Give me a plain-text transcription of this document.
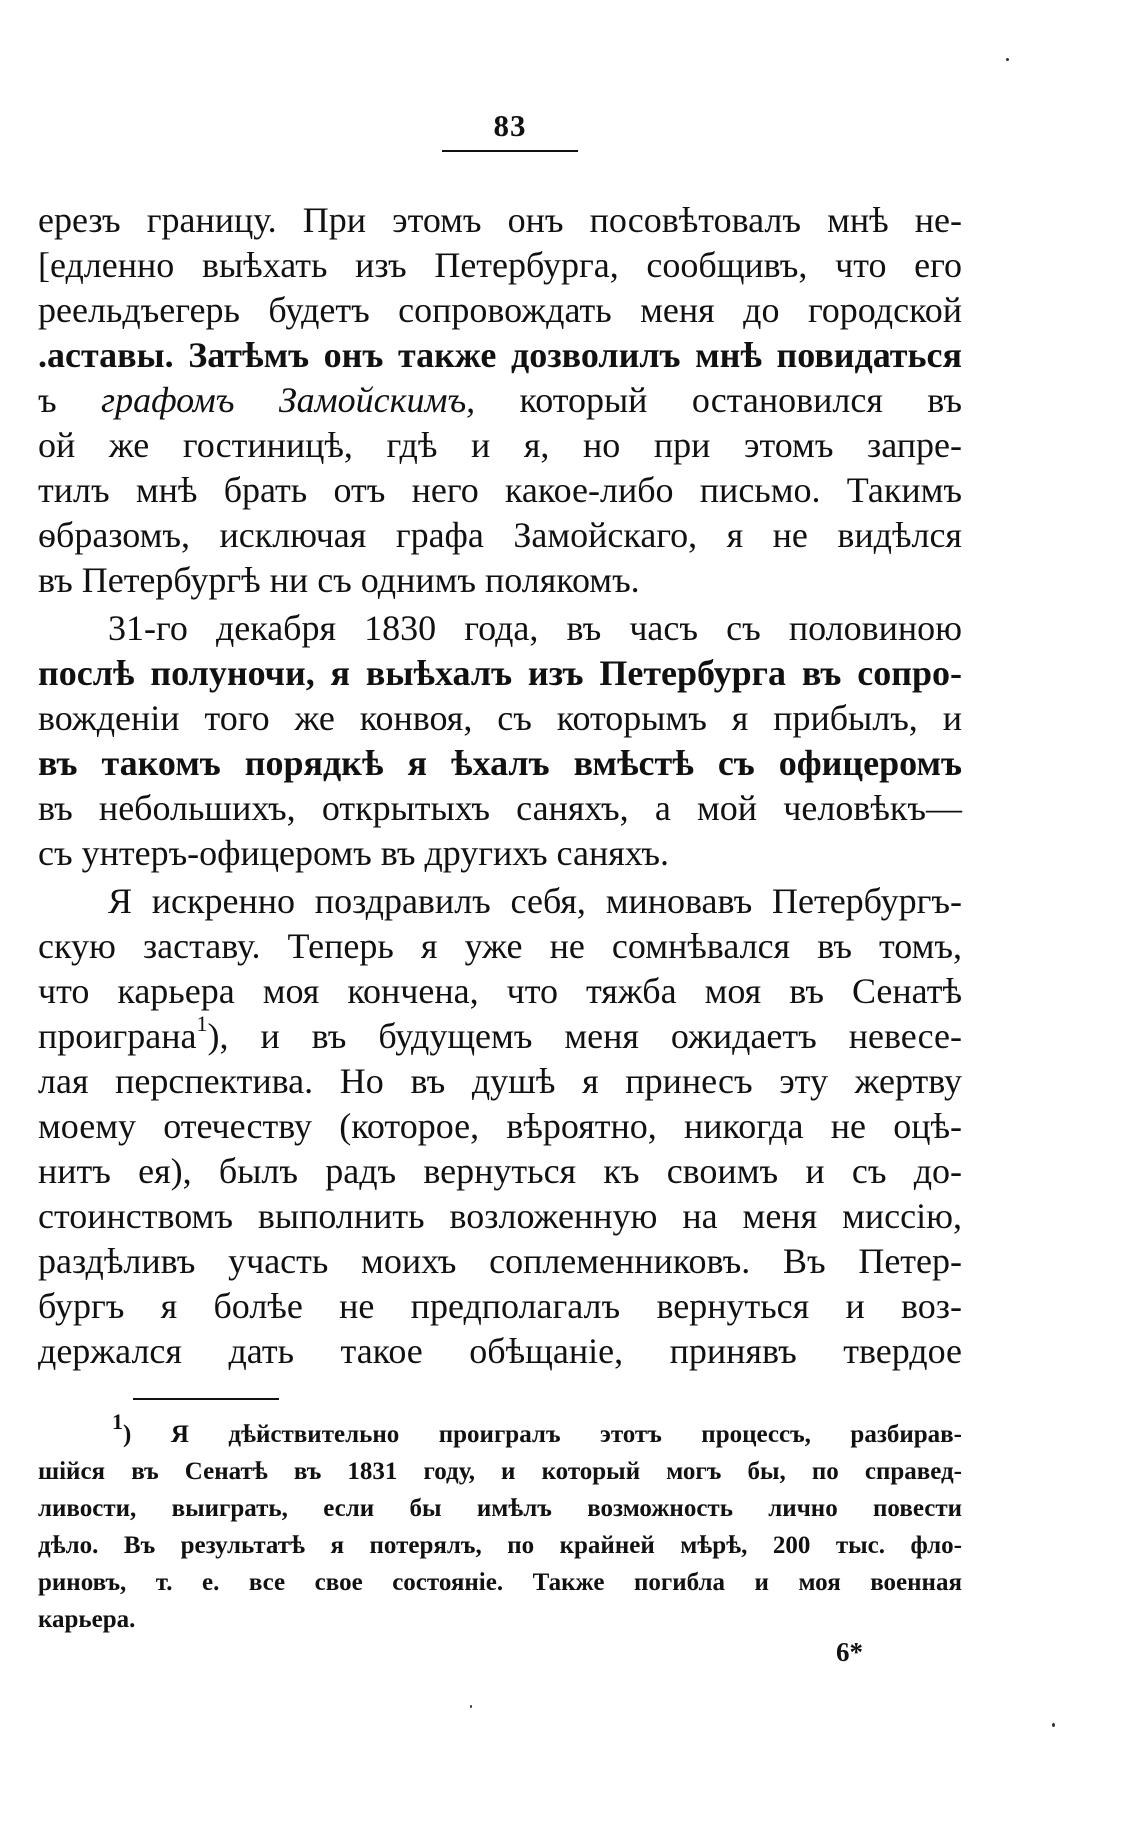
83
ерезъ границу. При этомъ онъ посовѣтовалъ мнѣ не-
[едленно выѣхать изъ Петербурга, сообщивъ, что его
реельдъегерь будетъ сопровождать меня до городской
.аставы. Затѣмъ онъ также дозволилъ мнѣ повидаться
ъ графомъ Замойскимъ, который остановился въ
ой же гостиницѣ, гдѣ и я, но при этомъ запре-
тилъ мнѣ брать отъ него какое-либо письмо. Такимъ
ѳбразомъ, исключая графа Замойскаго, я не видѣлся
въ Петербургѣ ни съ однимъ полякомъ.
31-го декабря 1830 года, въ часъ съ половиною
послѣ полуночи, я выѣхалъ изъ Петербурга въ сопро-
вожденіи того же конвоя, съ которымъ я прибылъ, и
въ такомъ порядкѣ я ѣхалъ вмѣстѣ съ офицеромъ
въ небольшихъ, открытыхъ саняхъ, а мой человѣкъ—
съ унтеръ-офицеромъ въ другихъ саняхъ.
Я искренно поздравилъ себя, миновавъ Петербургъ-
скую заставу. Теперь я уже не сомнѣвался въ томъ,
что карьера моя кончена, что тяжба моя въ Сенатѣ
проиграна$^1$), и въ будущемъ меня ожидаетъ невесе-
лая перспектива. Но въ душѣ я принесъ эту жертву
моему отечеству (которое, вѣроятно, никогда не оцѣ-
нитъ ея), былъ радъ вернуться къ своимъ и съ до-
стоинствомъ выполнить возложенную на меня миссію,
раздѣливъ участь моихъ соплеменниковъ. Въ Петер-
бургъ я болѣе не предполагалъ вернуться и воз-
держался дать такое обѣщаніе, принявъ твердое
$^1$) Я дѣйствительно проигралъ этотъ процессъ, разбирав-
шійся въ Сенатѣ въ 1831 году, и который могъ бы, по справед-
ливости, выиграть, если бы имѣлъ возможность лично повести
дѣло. Въ результатѣ я потерялъ, по крайней мѣрѣ, 200 тыс. фло-
риновъ, т. е. все свое состояніе. Также погибла и моя военная
карьера.
6*
